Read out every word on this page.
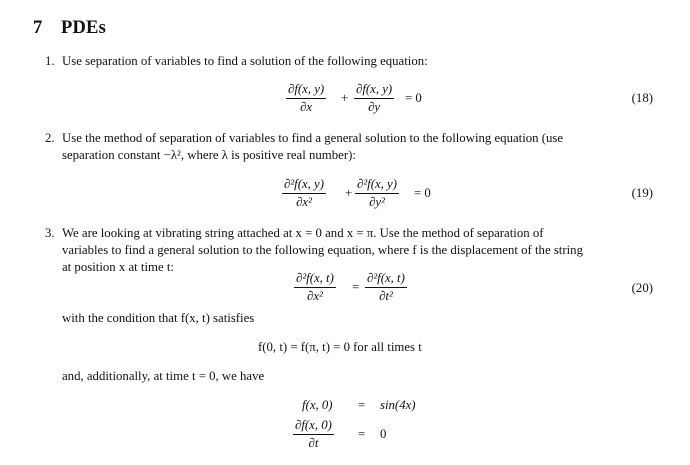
7 PDEs
1. Use separation of variables to find a solution of the following equation:
∂f(x, y)
∂x
+
∂f(x, y)
∂y
= 0	(18)
2. Use the method of separation of variables to find a general solution to the following equation (use
separation constant −λ², where λ is positive real number):
∂²f(x, y)
∂x²
+
∂²f(x, y)
∂y²
= 0	(19)
3. We are looking at vibrating string attached at x = 0 and x = π. Use the method of separation of
variables to find a general solution to the following equation, where f is the displacement of the string
at position x at time t:
∂²f(x, t)
∂x²
=
∂²f(x, t)
∂t²
(20)
with the condition that f(x, t) satisfies
f(0, t) = f(π, t) = 0 for all times t
and, additionally, at time t = 0, we have
f(x, 0) = sin(4x)
∂f(x, 0)
∂t
= 0
